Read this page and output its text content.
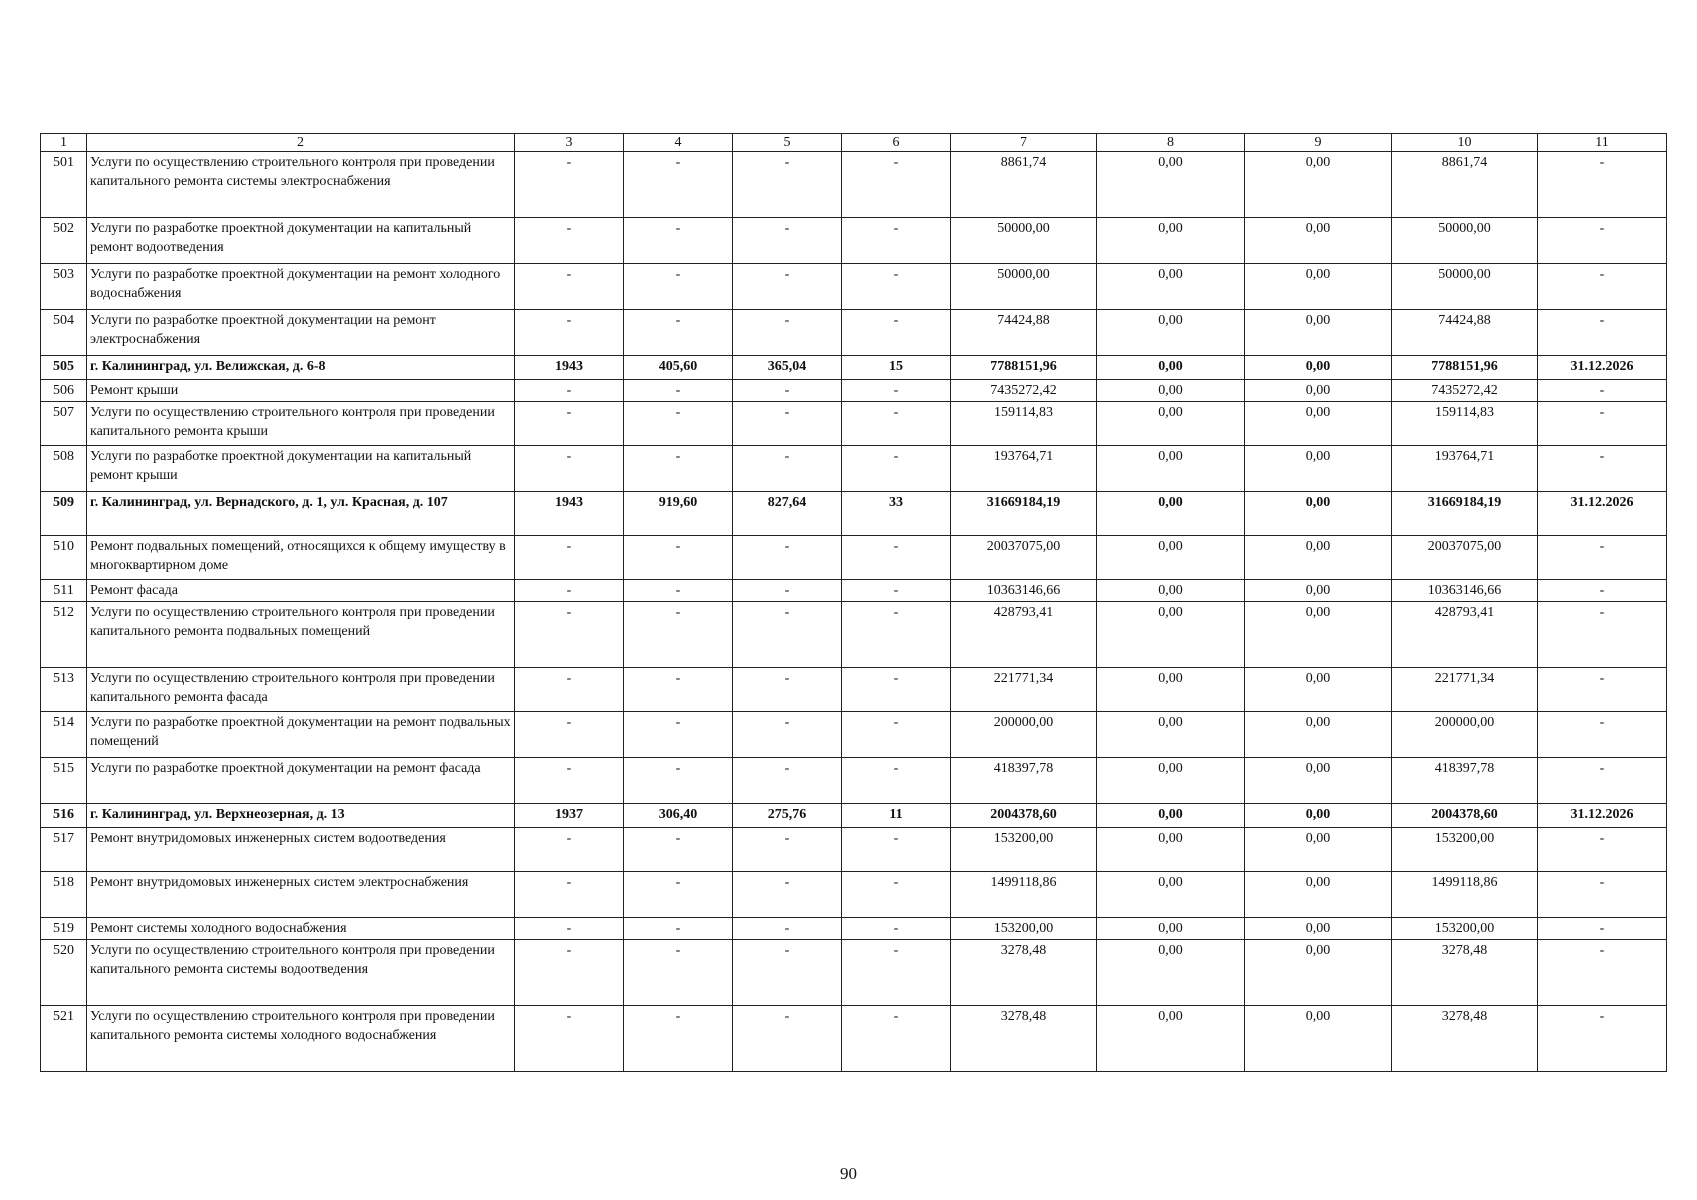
1	2	3	4	5	6	7	8	9	10	11
501	Услуги по осуществлению строительного контроля при проведении капитального ремонта системы электроснабжения	-	-	-	-	8861,74	0,00	0,00	8861,74	-
502	Услуги по разработке проектной документации на капитальный ремонт водоотведения	-	-	-	-	50000,00	0,00	0,00	50000,00	-
503	Услуги по разработке проектной документации на ремонт холодного водоснабжения	-	-	-	-	50000,00	0,00	0,00	50000,00	-
504	Услуги по разработке проектной документации на ремонт электроснабжения	-	-	-	-	74424,88	0,00	0,00	74424,88	-
505	г. Калининград, ул. Велижская, д. 6-8	1943	405,60	365,04	15	7788151,96	0,00	0,00	7788151,96	31.12.2026
506	Ремонт крыши	-	-	-	-	7435272,42	0,00	0,00	7435272,42	-
507	Услуги по осуществлению строительного контроля при проведении капитального ремонта крыши	-	-	-	-	159114,83	0,00	0,00	159114,83	-
508	Услуги по разработке проектной документации на капитальный ремонт крыши	-	-	-	-	193764,71	0,00	0,00	193764,71	-
509	г. Калининград, ул. Вернадского, д. 1, ул. Красная, д. 107	1943	919,60	827,64	33	31669184,19	0,00	0,00	31669184,19	31.12.2026
510	Ремонт подвальных помещений, относящихся к общему имуществу в многоквартирном доме	-	-	-	-	20037075,00	0,00	0,00	20037075,00	-
511	Ремонт фасада	-	-	-	-	10363146,66	0,00	0,00	10363146,66	-
512	Услуги по осуществлению строительного контроля при проведении капитального ремонта подвальных помещений	-	-	-	-	428793,41	0,00	0,00	428793,41	-
513	Услуги по осуществлению строительного контроля при проведении капитального ремонта фасада	-	-	-	-	221771,34	0,00	0,00	221771,34	-
514	Услуги по разработке проектной документации на ремонт подвальных помещений	-	-	-	-	200000,00	0,00	0,00	200000,00	-
515	Услуги по разработке проектной документации на ремонт фасада	-	-	-	-	418397,78	0,00	0,00	418397,78	-
516	г. Калининград, ул. Верхнеозерная, д. 13	1937	306,40	275,76	11	2004378,60	0,00	0,00	2004378,60	31.12.2026
517	Ремонт внутридомовых инженерных систем водоотведения	-	-	-	-	153200,00	0,00	0,00	153200,00	-
518	Ремонт внутридомовых инженерных систем электроснабжения	-	-	-	-	1499118,86	0,00	0,00	1499118,86	-
519	Ремонт системы холодного водоснабжения	-	-	-	-	153200,00	0,00	0,00	153200,00	-
520	Услуги по осуществлению строительного контроля при проведении капитального ремонта системы водоотведения	-	-	-	-	3278,48	0,00	0,00	3278,48	-
521	Услуги по осуществлению строительного контроля при проведении капитального ремонта системы холодного водоснабжения	-	-	-	-	3278,48	0,00	0,00	3278,48	-
90
